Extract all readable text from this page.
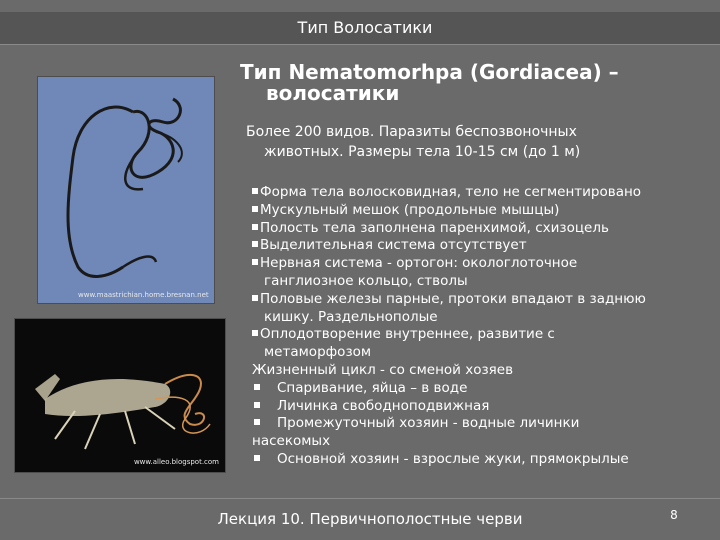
Тип Волосатики
www.maastrichian.home.bresnan.net
www.alleo.blogspot.com
Тип Nematomorhpa (Gordiacea) –
волосатики
Более 200 видов. Паразиты беспозвоночных
животных. Размеры тела 10-15 см (до 1 м)
Форма тела волосковидная, тело не сегментировано
Мускульный мешок (продольные мышцы)
Полость тела заполнена паренхимой, схизоцель
Выделительная система отсутствует
Нервная система - ортогон: окологлоточное
ганглиозное кольцо, стволы
Половые железы парные, протоки впадают в заднюю
кишку. Раздельнополые
Оплодотворение внутреннее, развитие с
метаморфозом
Жизненный цикл - со сменой хозяев
Спаривание, яйца – в воде
Личинка свободноподвижная
Промежуточный хозяин - водные личинки
насекомых
Основной хозяин - взрослые жуки, прямокрылые
Лекция 10. Первичнополостные черви	8
